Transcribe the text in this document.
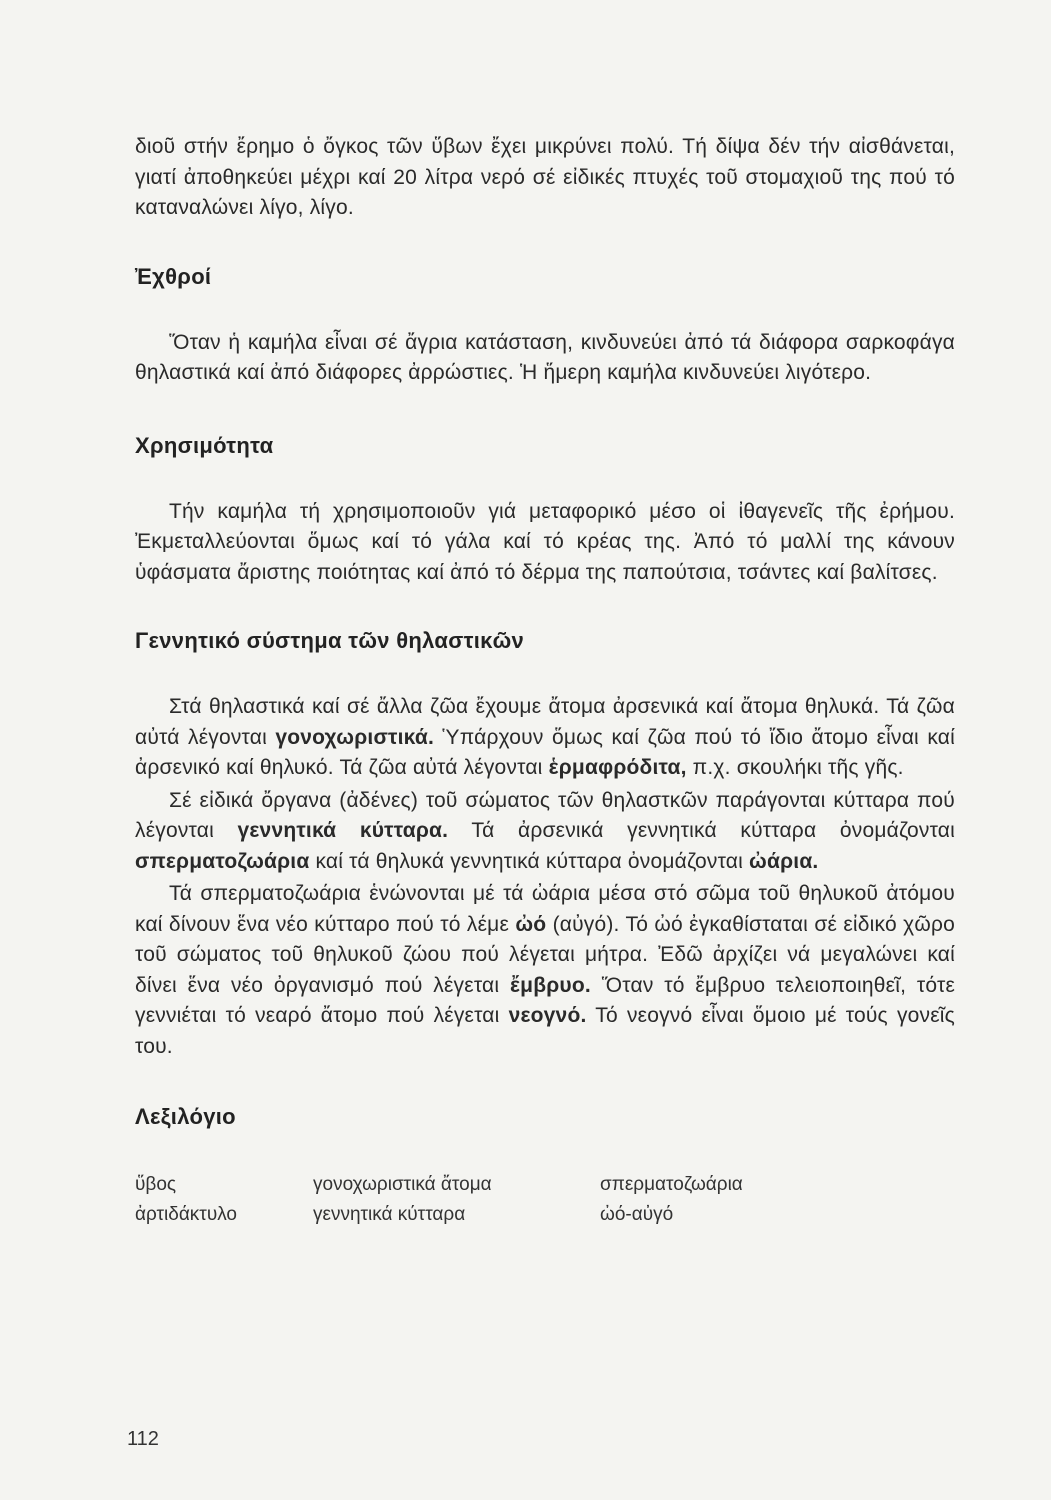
διοῦ στήν ἔρημο ὁ ὄγκος τῶν ὕβων ἔχει μικρύνει πολύ. Τή δίψα δέν τήν αἰσθάνεται, γιατί ἀποθηκεύει μέχρι καί 20 λίτρα νερό σέ εἰδικές πτυχές τοῦ στομαχιοῦ της πού τό καταναλώνει λίγο, λίγο.

Ἐχθροί

Ὅταν ἡ καμήλα εἶναι σέ ἄγρια κατάσταση, κινδυνεύει ἀπό τά διάφορα σαρκοφάγα θηλαστικά καί ἀπό διάφορες ἀρρώστιες. Ἡ ἥμερη καμήλα κινδυνεύει λιγότερο.

Χρησιμότητα

Τήν καμήλα τή χρησιμοποιοῦν γιά μεταφορικό μέσο οἱ ἰθαγενεῖς τῆς ἐρήμου. Ἐκμεταλλεύονται ὅμως καί τό γάλα καί τό κρέας της. Ἀπό τό μαλλί της κάνουν ὑφάσματα ἄριστης ποιότητας καί ἀπό τό δέρμα της παπούτσια, τσάντες καί βαλίτσες.

Γεννητικό σύστημα τῶν θηλαστικῶν

Στά θηλαστικά καί σέ ἄλλα ζῶα ἔχουμε ἄτομα ἀρσενικά καί ἄτομα θηλυκά. Τά ζῶα αὐτά λέγονται γονοχωριστικά. Ὑπάρχουν ὅμως καί ζῶα πού τό ἴδιο ἄτομο εἶναι καί ἀρσενικό καί θηλυκό. Τά ζῶα αὐτά λέγονται ἑρμαφρόδιτα, π.χ. σκουλήκι τῆς γῆς.

Σέ εἰδικά ὄργανα (ἀδένες) τοῦ σώματος τῶν θηλαστκῶν παράγονται κύτταρα πού λέγονται γεννητικά κύτταρα. Τά ἀρσενικά γεννητικά κύτταρα ὀνομάζονται σπερματοζωάρια καί τά θηλυκά γεννητικά κύτταρα ὀνομάζονται ὠάρια.

Τά σπερματοζωάρια ἑνώνονται μέ τά ὠάρια μέσα στό σῶμα τοῦ θηλυκοῦ ἀτόμου καί δίνουν ἕνα νέο κύτταρο πού τό λέμε ὠό (αὐγό). Τό ὠό ἐγκαθίσταται σέ εἰδικό χῶρο τοῦ σώματος τοῦ θηλυκοῦ ζώου πού λέγεται μήτρα. Ἐδῶ ἀρχίζει νά μεγαλώνει καί δίνει ἕνα νέο ὀργανισμό πού λέγεται ἔμβρυο. Ὅταν τό ἔμβρυο τελειοποιηθεῖ, τότε γεννιέται τό νεαρό ἄτομο πού λέγεται νεογνό. Τό νεογνό εἶναι ὅμοιο μέ τούς γονεῖς του.

Λεξιλόγιο
ὕβος	γονοχωριστικά ἄτομα	σπερματοζωάρια
ἀρτιδάκτυλο	γεννητικά κύτταρα	ὠό-αὐγό
112
